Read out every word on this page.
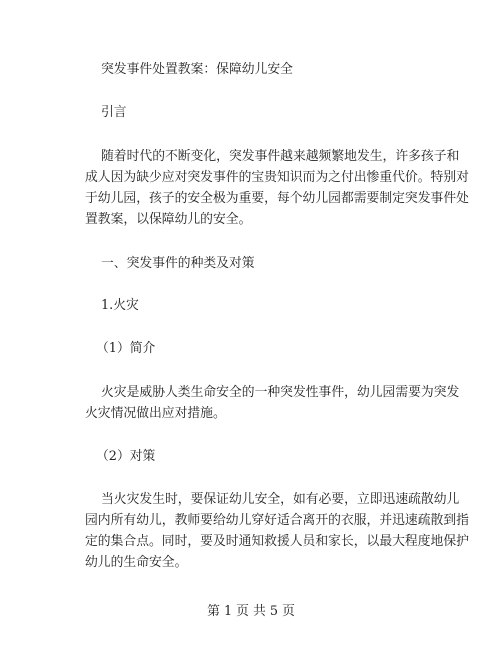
突发事件处置教案：保障幼儿安全
引言
随着时代的不断变化，突发事件越来越频繁地发生，许多孩子和
成人因为缺少应对突发事件的宝贵知识而为之付出惨重代价。特别对
于幼儿园，孩子的安全极为重要，每个幼儿园都需要制定突发事件处
置教案，以保障幼儿的安全。
一、突发事件的种类及对策
1.火灾
（1）简介
火灾是威胁人类生命安全的一种突发性事件，幼儿园需要为突发
火灾情况做出应对措施。
（2）对策
当火灾发生时，要保证幼儿安全，如有必要，立即迅速疏散幼儿
园内所有幼儿，教师要给幼儿穿好适合离开的衣服，并迅速疏散到指
定的集合点。同时，要及时通知救援人员和家长，以最大程度地保护
幼儿的生命安全。
第 1 页 共 5 页
